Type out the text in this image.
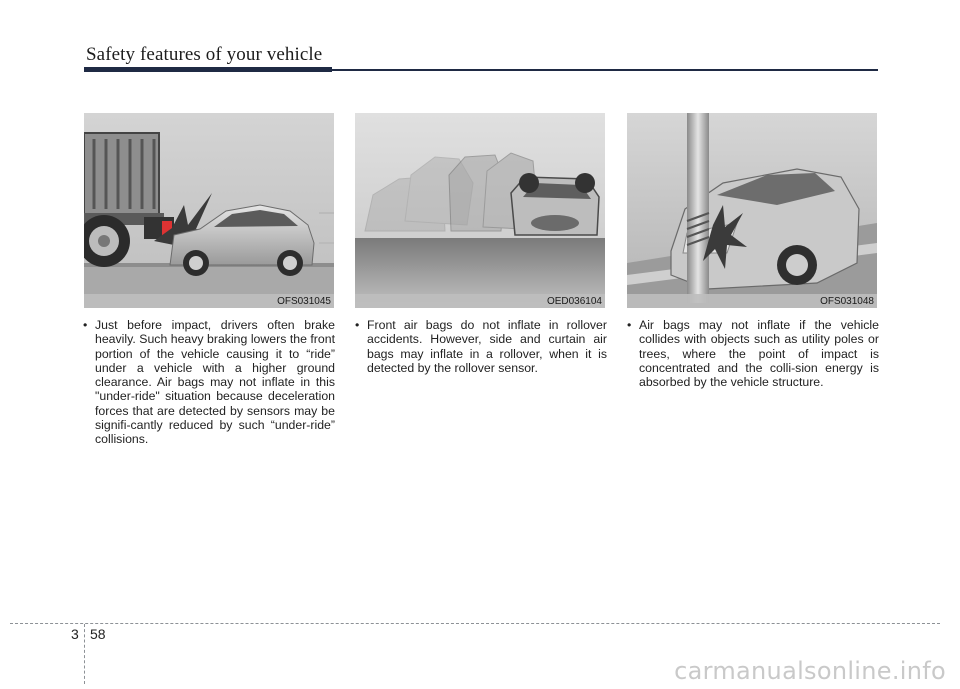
Safety features of your vehicle
OFS031045	OED036104	OFS031048
• Just before impact, drivers often brake heavily. Such heavy braking lowers the front portion of the vehicle causing it to “ride” under a vehicle with a higher ground clearance. Air bags may not inflate in this "under-ride" situation because deceleration forces that are detected by sensors may be signifi-cantly reduced by such “under-ride” collisions.
• Front air bags do not inflate in rollover accidents. However, side and curtain air bags may inflate in a rollover, when it is detected by the rollover sensor.
• Air bags may not inflate if the vehicle collides with objects such as utility poles or trees, where the point of impact is concentrated and the colli-sion energy is absorbed by the vehicle structure.
3 58
carmanualsonline.info
